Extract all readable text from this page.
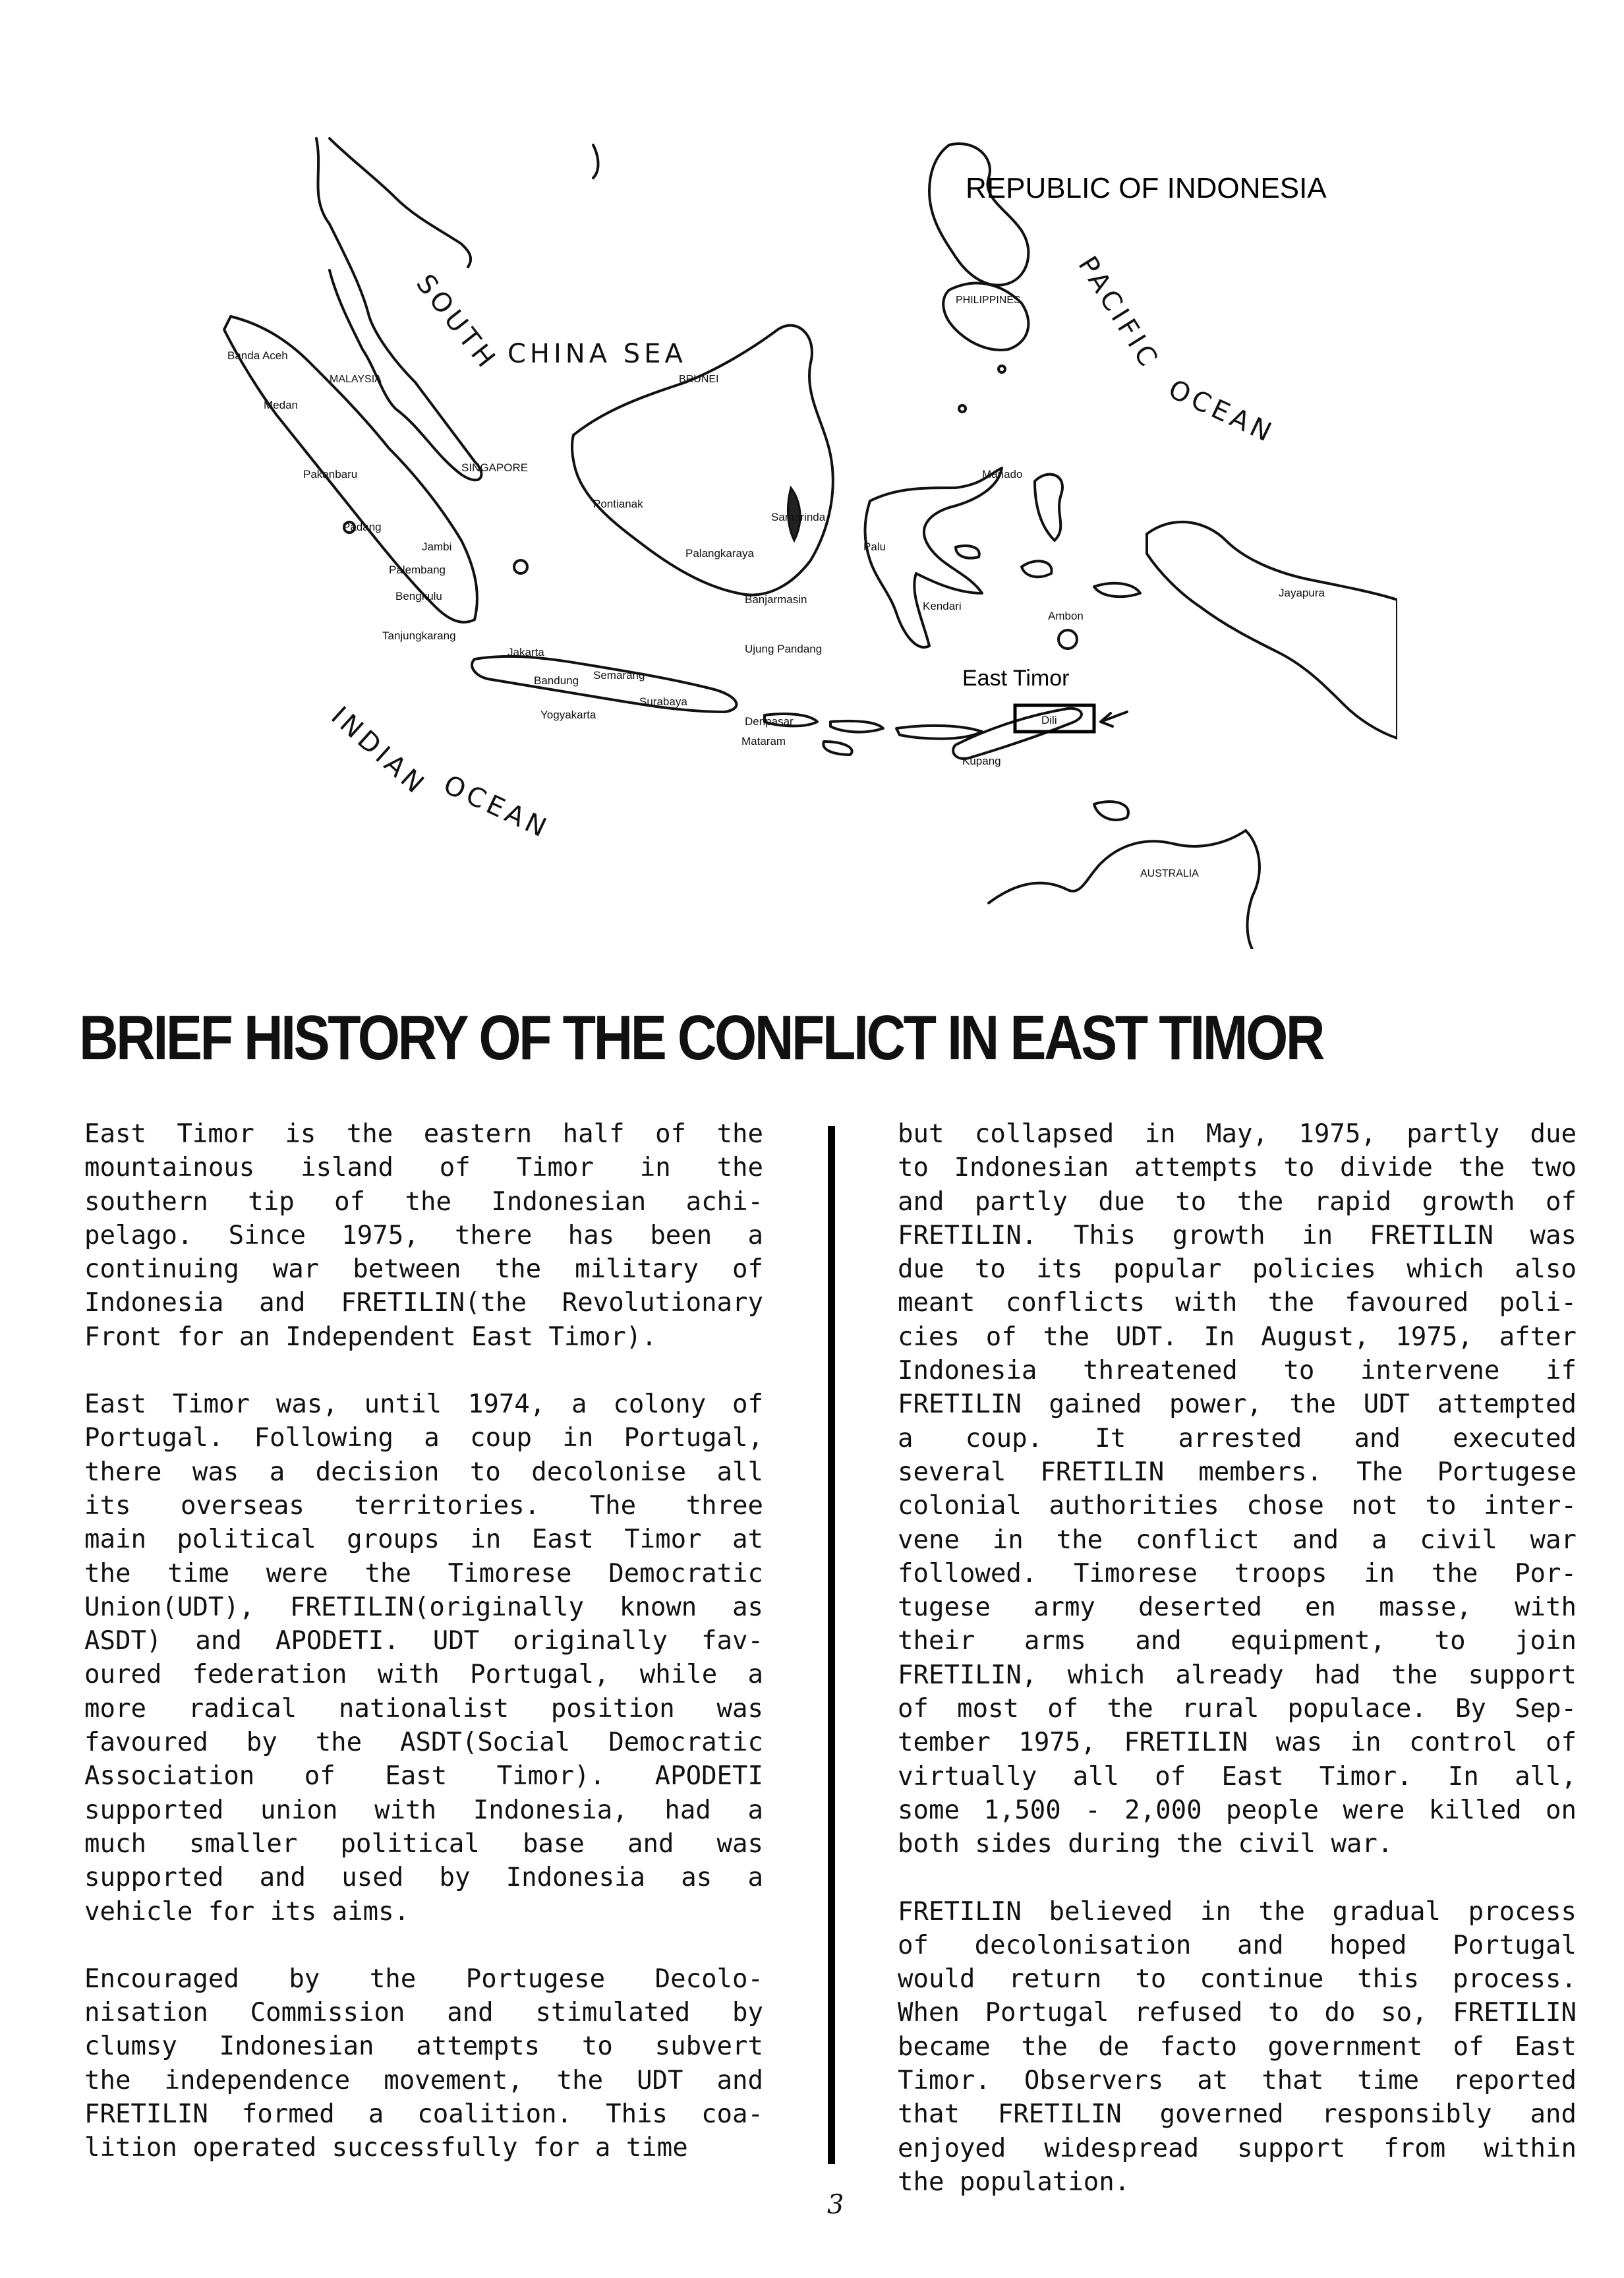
SOUTH CHINA SEA	PACIFIC
OCEAN
INDIAN
OCEAN
REPUBLIC OF INDONESIA
MALAYSIA
PHILIPPINES
BRUNEI
AUSTRALIA
Banda Aceh
Medan
Pakanbaru
SINGAPORE
Padang
Jambi
Palembang
Bengkulu
Tanjungkarang
Pontianak
Samarinda
Palangkaraya
Banjarmasin
Ujung Pandang
Manado
Palu
Kendari
Ambon
Jayapura
Jakarta
Bandung Semarang
Surabaya
Yogyakarta
Denpasar
Mataram
Kupang
Dili
East Timor
BRIEF HISTORY OF THE CONFLICT IN EAST TIMOR

East Timor is the eastern half of the
mountainous island of Timor in the
southern tip of the Indonesian achi-
pelago. Since 1975, there has been a
continuing war between the military of
Indonesia and FRETILIN(the Revolutionary
Front for an Independent East Timor).

East Timor was, until 1974, a colony of
Portugal. Following a coup in Portugal,
there was a decision to decolonise all
its overseas territories. The three
main political groups in East Timor at
the time were the Timorese Democratic
Union(UDT), FRETILIN(originally known as
ASDT) and APODETI. UDT originally fav-
oured federation with Portugal, while a
more radical nationalist position was
favoured by the ASDT(Social Democratic
Association of East Timor). APODETI
supported union with Indonesia, had a
much smaller political base and was
supported and used by Indonesia as a
vehicle for its aims.

Encouraged by the Portugese Decolo-
nisation Commission and stimulated by
clumsy Indonesian attempts to subvert
the independence movement, the UDT and
FRETILIN formed a coalition. This coa-
lition operated successfully for a time

but collapsed in May, 1975, partly due
to Indonesian attempts to divide the two
and partly due to the rapid growth of
FRETILIN. This growth in FRETILIN was
due to its popular policies which also
meant conflicts with the favoured poli-
cies of the UDT. In August, 1975, after
Indonesia threatened to intervene if
FRETILIN gained power, the UDT attempted
a coup. It arrested and executed
several FRETILIN members. The Portugese
colonial authorities chose not to inter-
vene in the conflict and a civil war
followed. Timorese troops in the Por-
tugese army deserted en masse, with
their arms and equipment, to join
FRETILIN, which already had the support
of most of the rural populace. By Sep-
tember 1975, FRETILIN was in control of
virtually all of East Timor. In all,
some 1,500 - 2,000 people were killed on
both sides during the civil war.

FRETILIN believed in the gradual process
of decolonisation and hoped Portugal
would return to continue this process.
When Portugal refused to do so, FRETILIN
became the de facto government of East
Timor. Observers at that time reported
that FRETILIN governed responsibly and
enjoyed widespread support from within
the population.

3
